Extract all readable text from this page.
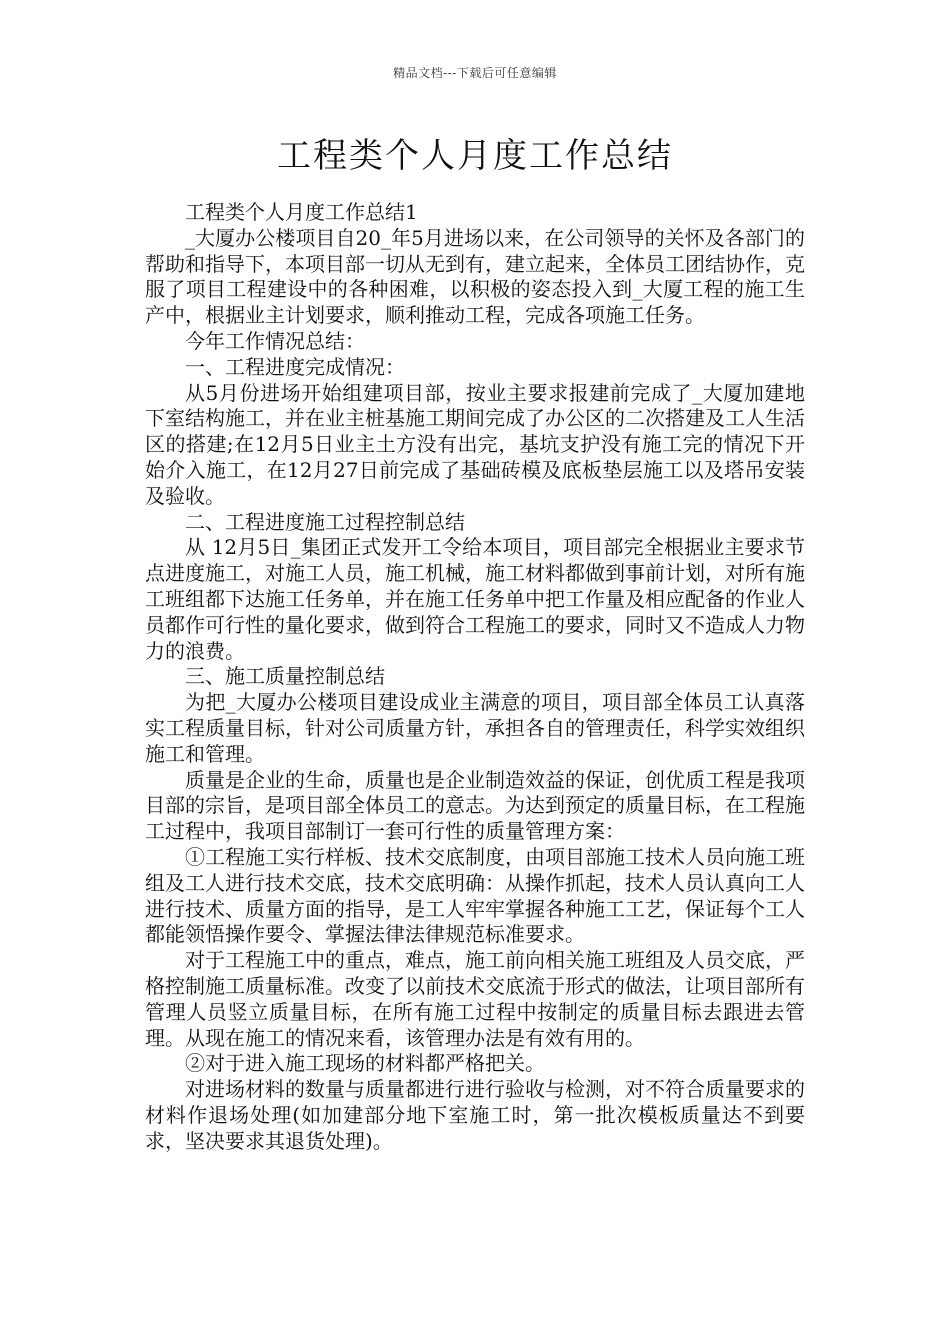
精品文档---下载后可任意编辑
工程类个人月度工作总结

工程类个人月度工作总结1

_大厦办公楼项目自20_年5月进场以来，在公司领导的关怀及各部门的帮助和指导下，本项目部一切从无到有，建立起来，全体员工团结协作，克服了项目工程建设中的各种困难，以积极的姿态投入到_大厦工程的施工生产中，根据业主计划要求，顺利推动工程，完成各项施工任务。

今年工作情况总结：

一、工程进度完成情况：

从5月份进场开始组建项目部，按业主要求报建前完成了_大厦加建地下室结构施工，并在业主桩基施工期间完成了办公区的二次搭建及工人生活区的搭建;在12月5日业主土方没有出完，基坑支护没有施工完的情况下开始介入施工，在12月27日前完成了基础砖模及底板垫层施工以及塔吊安装及验收。

二、工程进度施工过程控制总结

从 12月5日_集团正式发开工令给本项目，项目部完全根据业主要求节点进度施工，对施工人员，施工机械，施工材料都做到事前计划，对所有施工班组都下达施工任务单，并在施工任务单中把工作量及相应配备的作业人员都作可行性的量化要求，做到符合工程施工的要求，同时又不造成人力物力的浪费。

三、施工质量控制总结

为把_大厦办公楼项目建设成业主满意的项目，项目部全体员工认真落实工程质量目标，针对公司质量方针，承担各自的管理责任，科学实效组织施工和管理。

质量是企业的生命，质量也是企业制造效益的保证，创优质工程是我项目部的宗旨，是项目部全体员工的意志。为达到预定的质量目标，在工程施工过程中，我项目部制订一套可行性的质量管理方案：

①工程施工实行样板、技术交底制度，由项目部施工技术人员向施工班组及工人进行技术交底，技术交底明确：从操作抓起，技术人员认真向工人进行技术、质量方面的指导，是工人牢牢掌握各种施工工艺，保证每个工人都能领悟操作要令、掌握法律法律规范标准要求。

对于工程施工中的重点，难点，施工前向相关施工班组及人员交底，严格控制施工质量标准。改变了以前技术交底流于形式的做法，让项目部所有管理人员竖立质量目标，在所有施工过程中按制定的质量目标去跟进去管理。从现在施工的情况来看，该管理办法是有效有用的。

②对于进入施工现场的材料都严格把关。

对进场材料的数量与质量都进行进行验收与检测，对不符合质量要求的材料作退场处理(如加建部分地下室施工时，第一批次模板质量达不到要求，坚决要求其退货处理)。
